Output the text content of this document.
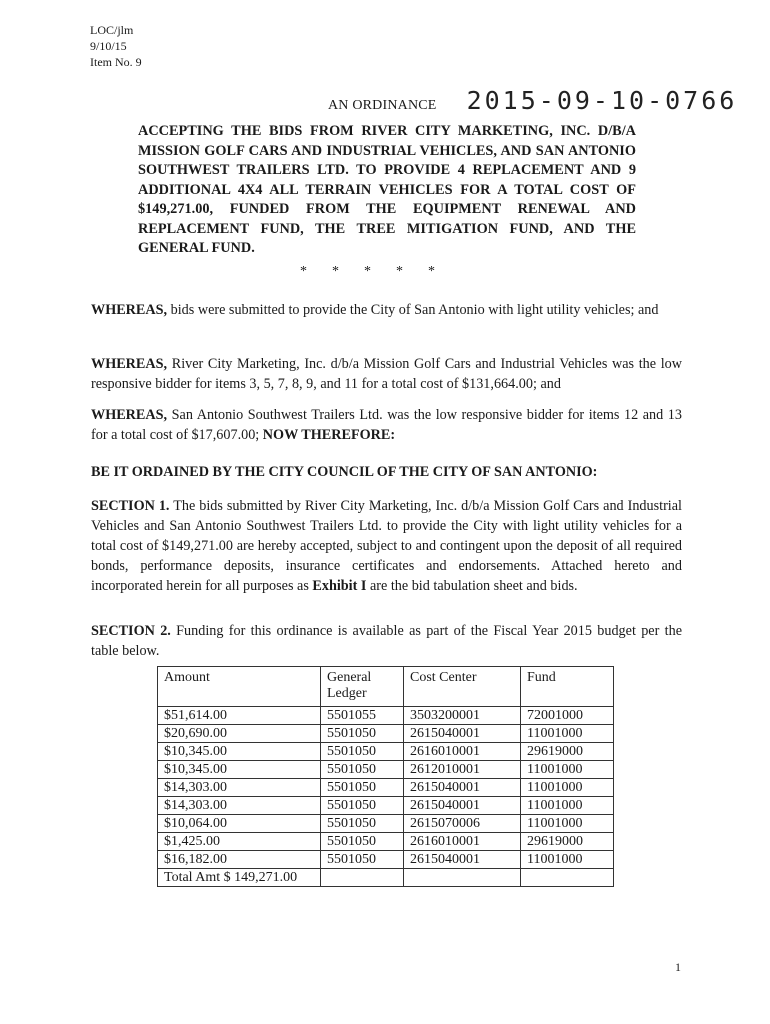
LOC/jlm
9/10/15
Item No. 9
AN ORDINANCE 2015-09-10-0766
ACCEPTING THE BIDS FROM RIVER CITY MARKETING, INC. D/B/A MISSION GOLF CARS AND INDUSTRIAL VEHICLES, AND SAN ANTONIO SOUTHWEST TRAILERS LTD. TO PROVIDE 4 REPLACEMENT AND 9 ADDITIONAL 4X4 ALL TERRAIN VEHICLES FOR A TOTAL COST OF $149,271.00, FUNDED FROM THE EQUIPMENT RENEWAL AND REPLACEMENT FUND, THE TREE MITIGATION FUND, AND THE GENERAL FUND.
* * * * *
WHEREAS, bids were submitted to provide the City of San Antonio with light utility vehicles; and
WHEREAS, River City Marketing, Inc. d/b/a Mission Golf Cars and Industrial Vehicles was the low responsive bidder for items 3, 5, 7, 8, 9, and 11 for a total cost of $131,664.00; and
WHEREAS, San Antonio Southwest Trailers Ltd. was the low responsive bidder for items 12 and 13 for a total cost of $17,607.00; NOW THEREFORE:
BE IT ORDAINED BY THE CITY COUNCIL OF THE CITY OF SAN ANTONIO:
SECTION 1. The bids submitted by River City Marketing, Inc. d/b/a Mission Golf Cars and Industrial Vehicles and San Antonio Southwest Trailers Ltd. to provide the City with light utility vehicles for a total cost of $149,271.00 are hereby accepted, subject to and contingent upon the deposit of all required bonds, performance deposits, insurance certificates and endorsements. Attached hereto and incorporated herein for all purposes as Exhibit I are the bid tabulation sheet and bids.
SECTION 2. Funding for this ordinance is available as part of the Fiscal Year 2015 budget per the table below.
Amount	General Ledger	Cost Center	Fund
$51,614.00	5501055	3503200001	72001000
$20,690.00	5501050	2615040001	11001000
$10,345.00	5501050	2616010001	29619000
$10,345.00	5501050	2612010001	11001000
$14,303.00	5501050	2615040001	11001000
$14,303.00	5501050	2615040001	11001000
$10,064.00	5501050	2615070006	11001000
$1,425.00	5501050	2616010001	29619000
$16,182.00	5501050	2615040001	11001000
Total Amt $ 149,271.00			
1
